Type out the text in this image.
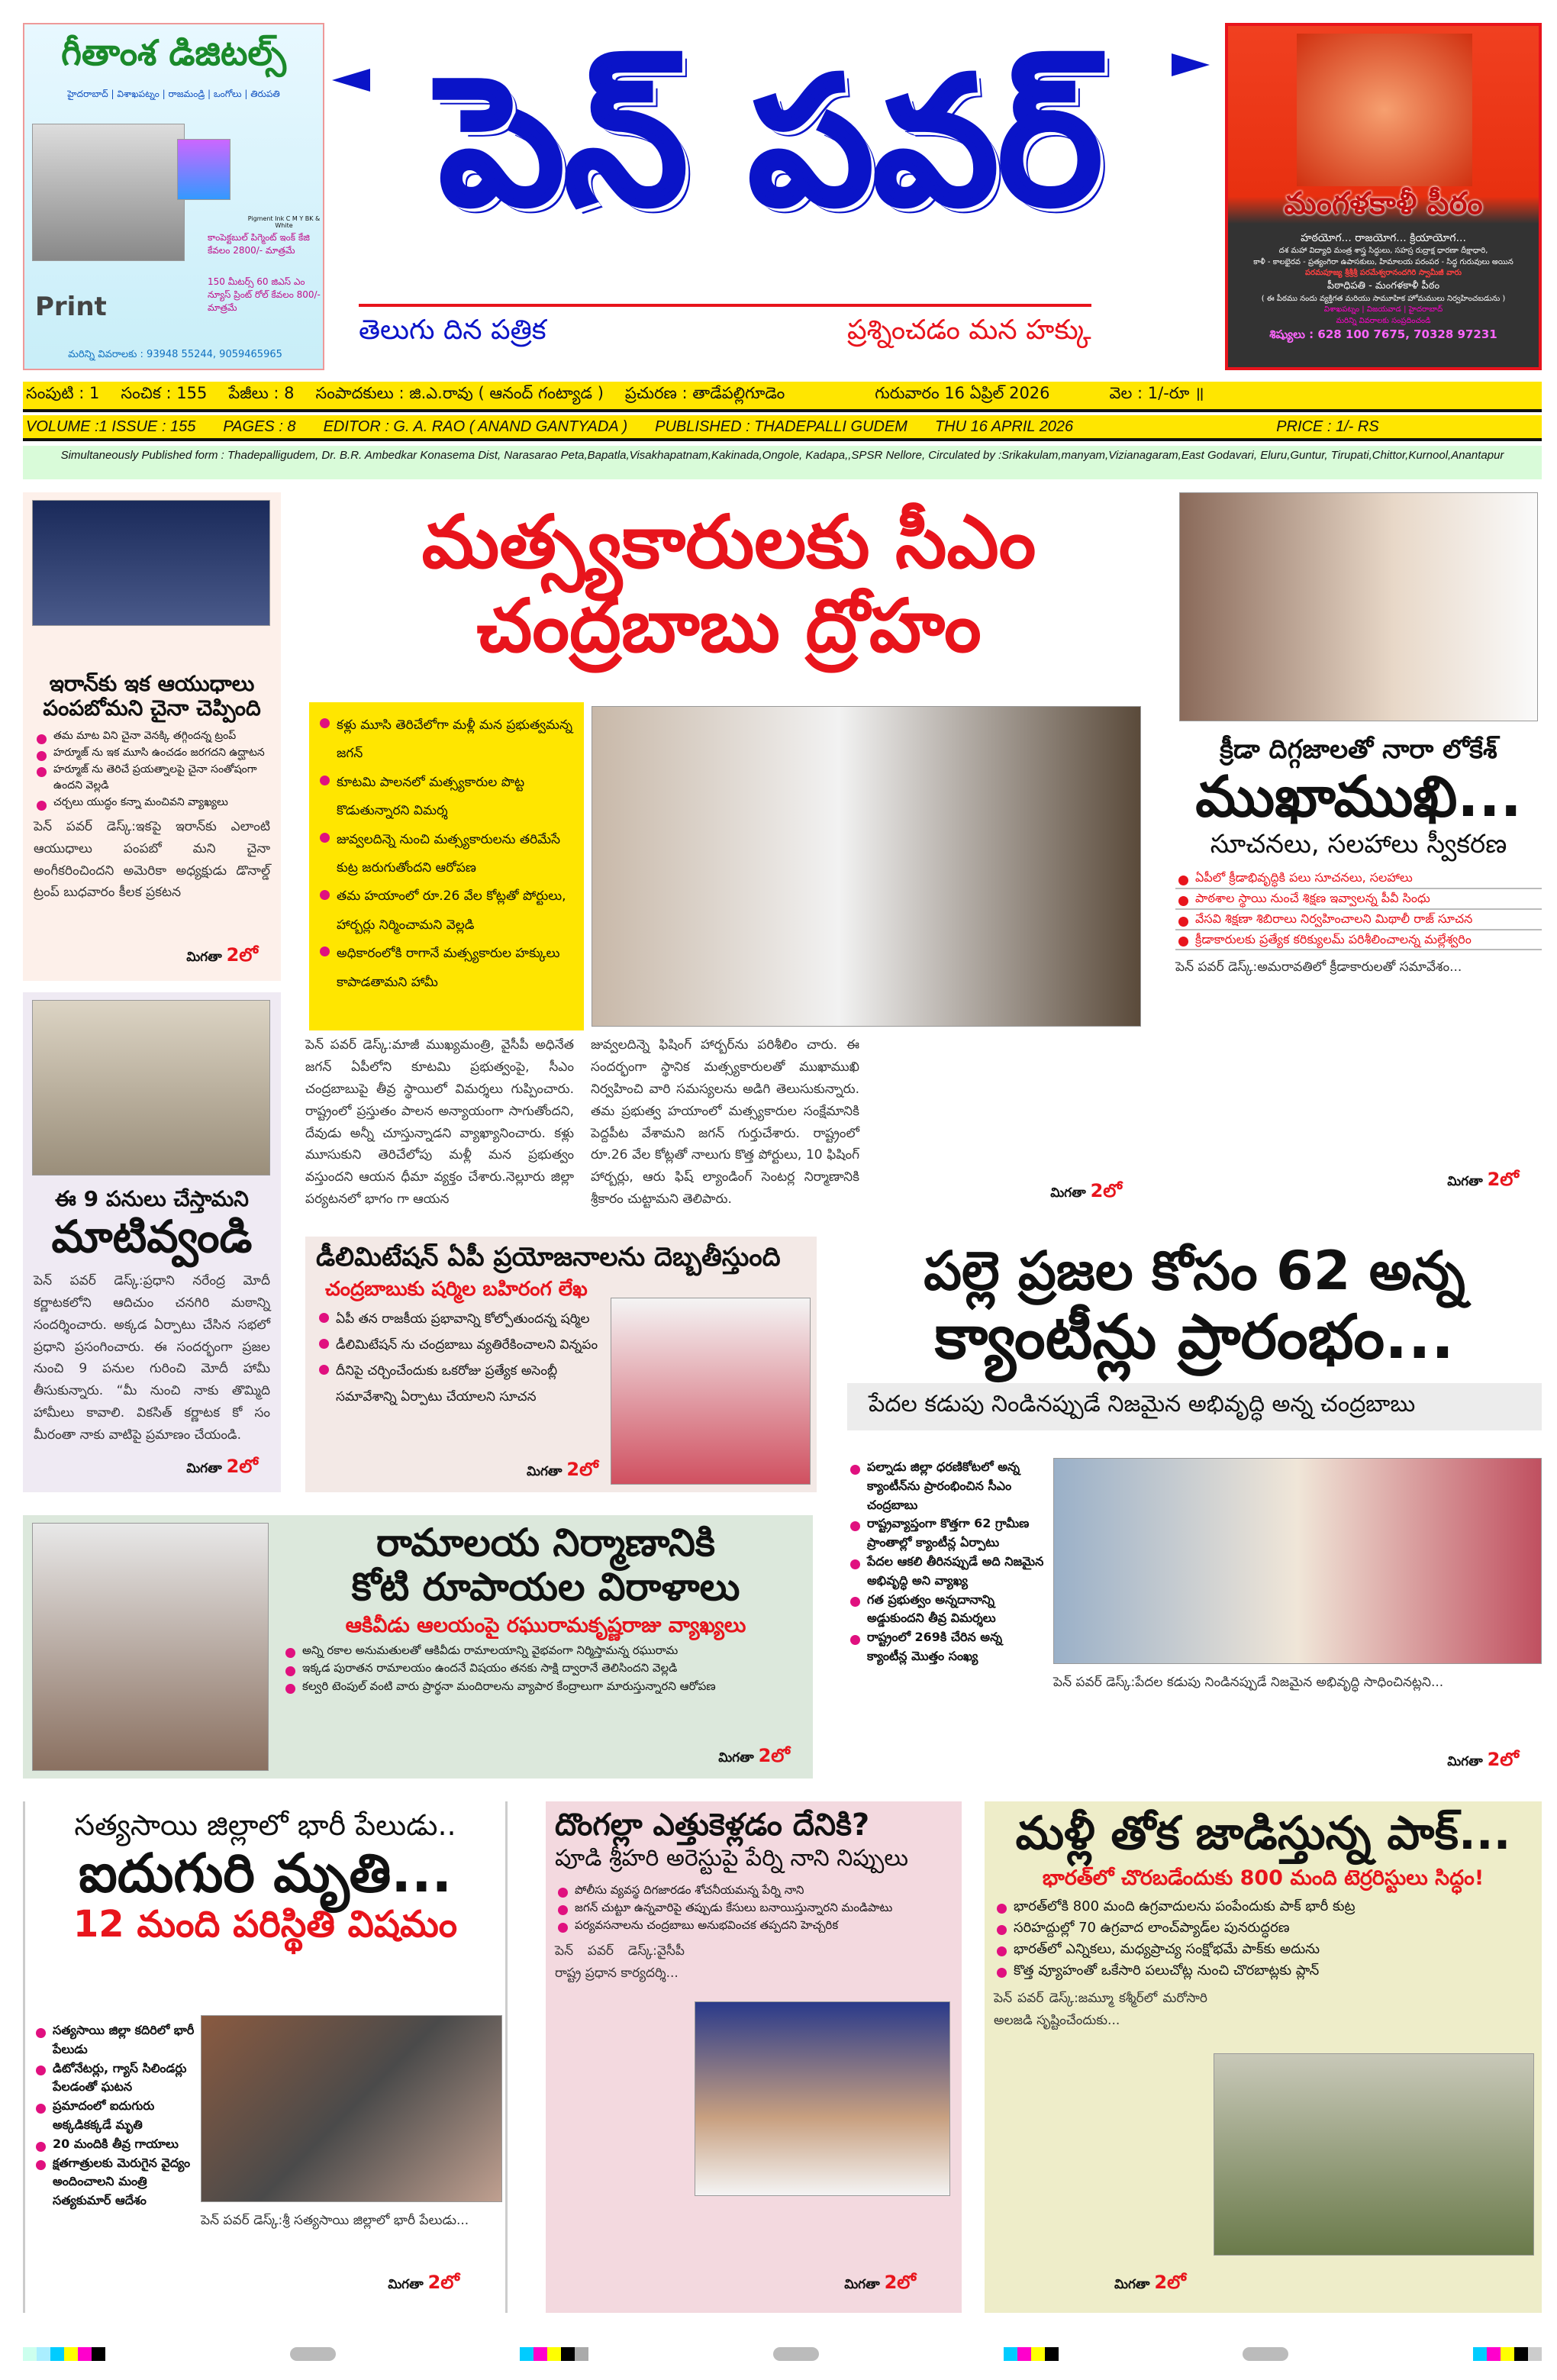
గీతాంశ డిజిటల్స్
హైదరాబాద్ | విశాఖపట్నం | రాజమండ్రి | ఒంగోలు | తిరుపతి
Pigment Ink C M Y BK & White
కాంపెక్టబుల్ పిగ్మెంట్ ఇంక్ కేజి కేవలం 2800/- మాత్రమే
150 మీటర్స్ 60 జిఎస్ ఎం న్యూస్ ప్రింట్ రోల్ కేవలం 800/- మాత్రమే
Print
మరిన్ని వివరాలకు : 93948 55244, 9059465965
పెన్ పవర్
తెలుగు దిన పత్రిక	ప్రశ్నించడం మన హక్కు
మంగళకాళీ పీఠం
హఠయోగ... రాజయోగ... క్రియాయోగ...
దశ మహా విద్యాధి మంత్ర శాస్త్ర సిద్ధులు, సహస్ర రుద్రాక్ష ధారణా దీక్షాధారి,
కాళీ - కాలభైరవ - ప్రత్యంగిరా ఉపాసకులు, హిమాలయ పరంపర - సిద్ధ గురువులు అయిన
పరమపూజ్య శ్రీశ్రీశ్రీ పరమేశ్వరానందగిరి స్వామీజీ వారు
పీఠాధిపతి - మంగళకాళీ పీఠం
( ఈ పీఠము నందు వ్యక్తిగత మరియు సామూహిక హోమములు నిర్వహించబడును )
విశాఖపట్నం | విజయవాడ | హైదరాబాద్
మరిన్ని వివరాలకు సంప్రదించండి
శిష్యులు : 628 100 7675, 70328 97231
సంపుటి : 1 సంచిక : 155 పేజీలు : 8 సంపాదకులు : జి.ఎ.రావు ( ఆనంద్ గంట్యాడ ) ప్రచురణ : తాడేపల్లిగూడెం	గురువారం 16 ఏప్రిల్ 2026	వెల : 1/-రూ ॥
VOLUME :1 ISSUE : 155 PAGES : 8 EDITOR : G. A. RAO ( ANAND GANTYADA ) PUBLISHED : THADEPALLI GUDEM THU 16 APRIL 2026	PRICE : 1/- RS
Simultaneously Published form : Thadepalligudem, Dr. B.R. Ambedkar Konasema Dist, Narasarao Peta,Bapatla,Visakhapatnam,Kakinada,Ongole, Kadapa,,SPSR Nellore, Circulated by :Srikakulam,manyam,Vizianagaram,East Godavari, Eluru,Guntur, Tirupati,Chittor,Kurnool,Anantapur
ఇరాన్‌కు ఇక ఆయుధాలు పంపబోమని చైనా చెప్పింది
తమ మాట విని చైనా వెనక్కి తగ్గిందన్న ట్రంప్
హర్మూజ్ ను ఇక మూసి ఉంచడం జరగదని ఉద్ఘాటన
హర్మూజ్ ను తెరిచే ప్రయత్నాలపై చైనా సంతోషంగా ఉందని వెల్లడి
చర్చలు యుద్ధం కన్నా మంచివని వ్యాఖ్యలు

పెన్ పవర్ డెస్క్:ఇకపై ఇరాన్‌కు ఎలాంటి ఆయుధాలు పంపబో మని చైనా అంగీకరించిందని అమెరికా అధ్యక్షుడు డొనాల్డ్ ట్రంప్ బుధవారం కీలక ప్రకటన

మిగతా 2లో
ఈ 9 పనులు చేస్తామని
మాటివ్వండి

పెన్ పవర్ డెస్క్:ప్రధాని నరేంద్ర మోదీ కర్ణాటకలోని ఆదిచుం చనగిరి మఠాన్ని సందర్శించారు. అక్కడ ఏర్పాటు చేసిన సభలో ప్రధాని ప్రసంగించారు. ఈ సందర్భంగా ప్రజల నుంచి 9 పనుల గురించి మోదీ హామీ తీసుకున్నారు. “మీ నుంచి నాకు తొమ్మిది హామీలు కావాలి. వికసిత్ కర్ణాటక కో సం మీరంతా నాకు వాటిపై ప్రమాణం చేయండి.

మిగతా 2లో
మత్స్యకారులకు సీఎం
చంద్రబాబు ద్రోహం
కళ్లు మూసి తెరిచేలోగా మళ్లీ మన ప్రభుత్వమన్న జగన్
కూటమి పాలనలో మత్స్యకారుల పొట్ట కొడుతున్నారని విమర్శ
జువ్వలదిన్నె నుంచి మత్స్యకారులను తరిమేసే కుట్ర జరుగుతోందని ఆరోపణ
తమ హయాంలో రూ.26 వేల కోట్లతో పోర్టులు, హార్బర్లు నిర్మించామని వెల్లడి
అధికారంలోకి రాగానే మత్స్యకారుల హక్కులు కాపాడతామని హామీ

పెన్ పవర్ డెస్క్:మాజీ ముఖ్యమంత్రి, వైసీపీ అధినేత జగన్ ఏపీలోని కూటమి ప్రభుత్వంపై, సీఎం చంద్రబాబుపై తీవ్ర స్థాయిలో విమర్శలు గుప్పించారు. రాష్ట్రంలో ప్రస్తుతం పాలన అన్యాయంగా సాగుతోందని, దేవుడు అన్నీ చూస్తున్నాడని వ్యాఖ్యానించారు. కళ్లు మూసుకుని తెరిచేలోపు మళ్లీ మన ప్రభుత్వం వస్తుందని ఆయన ధీమా వ్యక్తం చేశారు.నెల్లూరు జిల్లా పర్యటనలో భాగం గా ఆయన

జువ్వలదిన్నె ఫిషింగ్ హార్బర్‌ను పరిశీలిం చారు. ఈ సందర్భంగా స్థానిక మత్స్యకారులతో ముఖాముఖి నిర్వహించి వారి సమస్యలను అడిగి తెలుసుకున్నారు. తమ ప్రభుత్వ హయాంలో మత్స్యకారుల సంక్షేమానికి పెద్దపీట వేశామని జగన్ గుర్తుచేశారు. రాష్ట్రంలో రూ.26 వేల కోట్లతో నాలుగు కొత్త పోర్టులు, 10 ఫిషింగ్ హార్బర్లు, ఆరు ఫిష్ ల్యాండింగ్ సెంటర్ల నిర్మాణానికి శ్రీకారం చుట్టామని తెలిపారు.	మిగతా 2లో
క్రీడా దిగ్గజాలతో నారా లోకేశ్
ముఖాముఖి...
సూచనలు, సలహాలు స్వీకరణ
ఏపీలో క్రీడాభివృద్ధికి పలు సూచనలు, సలహాలు
పాఠశాల స్థాయి నుంచే శిక్షణ ఇవ్వాలన్న పీవీ సింధు
వేసవి శిక్షణా శిబిరాలు నిర్వహించాలని మిథాలీ రాజ్ సూచన
క్రీడాకారులకు ప్రత్యేక కరిక్యులమ్ పరిశీలించాలన్న మల్లేశ్వరిం

పెన్ పవర్ డెస్క్:అమరావతిలో క్రీడాకారులతో సమావేశం...

మిగతా 2లో
డీలిమిటేషన్ ఏపీ ప్రయోజనాలను దెబ్బతీస్తుంది
చంద్రబాబుకు షర్మిల బహిరంగ లేఖ
ఏపీ తన రాజకీయ ప్రభావాన్ని కోల్పోతుందన్న షర్మిల
డీలిమిటేషన్ ను చంద్రబాబు వ్యతిరేకించాలని విన్నపం
దీనిపై చర్చించేందుకు ఒకరోజు ప్రత్యేక అసెంబ్లీ సమావేశాన్ని ఏర్పాటు చేయాలని సూచన
మిగతా 2లో
పల్లె ప్రజల కోసం 62 అన్న
క్యాంటీన్లు ప్రారంభం...
పేదల కడుపు నిండినప్పుడే నిజమైన అభివృద్ధి అన్న చంద్రబాబు
పల్నాడు జిల్లా ధరణికోటలో అన్న క్యాంటీన్‌ను ప్రారంభించిన సీఎం చంద్రబాబు
రాష్ట్రవ్యాప్తంగా కొత్తగా 62 గ్రామీణ ప్రాంతాల్లో క్యాంటీన్ల ఏర్పాటు
పేదల ఆకలి తీరినప్పుడే అది నిజమైన అభివృద్ధి అని వ్యాఖ్య
గత ప్రభుత్వం అన్నదానాన్ని అడ్డుకుందని తీవ్ర విమర్శలు
రాష్ట్రంలో 269కి చేరిన అన్న క్యాంటీన్ల మొత్తం సంఖ్య

పెన్ పవర్ డెస్క్:పేదల కడుపు నిండినప్పుడే నిజమైన అభివృద్ధి సాధించినట్లని...

మిగతా 2లో
రామాలయ నిర్మాణానికి
కోటి రూపాయల విరాళాలు
ఆకివీడు ఆలయంపై రఘురామకృష్ణరాజు వ్యాఖ్యలు
అన్ని రకాల అనుమతులతో ఆకివీడు రామాలయాన్ని వైభవంగా నిర్మిస్తామన్న రఘురామ
ఇక్కడ పురాతన రామాలయం ఉందనే విషయం తనకు సాక్షి ద్వారానే తెలిసిందని వెల్లడి
కల్వరి టెంపుల్ వంటి వారు ప్రార్థనా మందిరాలను వ్యాపార కేంద్రాలుగా మారుస్తున్నారని ఆరోపణ
మిగతా 2లో
సత్యసాయి జిల్లాలో భారీ పేలుడు..
ఐదుగురి మృతి...
12 మంది పరిస్థితి విషమం
సత్యసాయి జిల్లా కదిరిలో భారీ పేలుడు
డిటోనేటర్లు, గ్యాస్ సిలిండర్లు పేలడంతో ఘటన
ప్రమాదంలో ఐదుగురు అక్కడికక్కడే మృతి
20 మందికి తీవ్ర గాయాలు
క్షతగాత్రులకు మెరుగైన వైద్యం అందించాలని మంత్రి సత్యకుమార్ ఆదేశం

పెన్ పవర్ డెస్క్:శ్రీ సత్యసాయి జిల్లాలో భారీ పేలుడు...

మిగతా 2లో
దొంగల్లా ఎత్తుకెళ్లడం దేనికి?
పూడి శ్రీహరి అరెస్టుపై పేర్ని నాని నిప్పులు
పోలీసు వ్యవస్థ దిగజారడం శోచనీయమన్న పేర్ని నాని
జగన్ చుట్టూ ఉన్నవారిపై తప్పుడు కేసులు బనాయిస్తున్నారని మండిపాటు
పర్యవసనాలను చంద్రబాబు అనుభవించక తప్పదని హెచ్చరిక

పెన్ పవర్ డెస్క్:వైసీపీ రాష్ట్ర ప్రధాన కార్యదర్శి...

మిగతా 2లో
మళ్లీ తోక జాడిస్తున్న పాక్...
భారత్‌లో చొరబడేందుకు 800 మంది టెర్రరిస్టులు సిద్ధం!
భారత్‌లోకి 800 మంది ఉగ్రవాదులను పంపేందుకు పాక్ భారీ కుట్ర
సరిహద్దుల్లో 70 ఉగ్రవాద లాంచ్‌ప్యాడ్‌ల పునరుద్ధరణ
భారత్‌లో ఎన్నికలు, మధ్యప్రాచ్య సంక్షోభమే పాక్‌కు అదును
కొత్త వ్యూహంతో ఒకేసారి పలుచోట్ల నుంచి చొరబాట్లకు ప్లాన్

పెన్ పవర్ డెస్క్:జమ్మూ కశ్మీర్‌లో మరోసారి అలజడి సృష్టించేందుకు...

మిగతా 2లో
